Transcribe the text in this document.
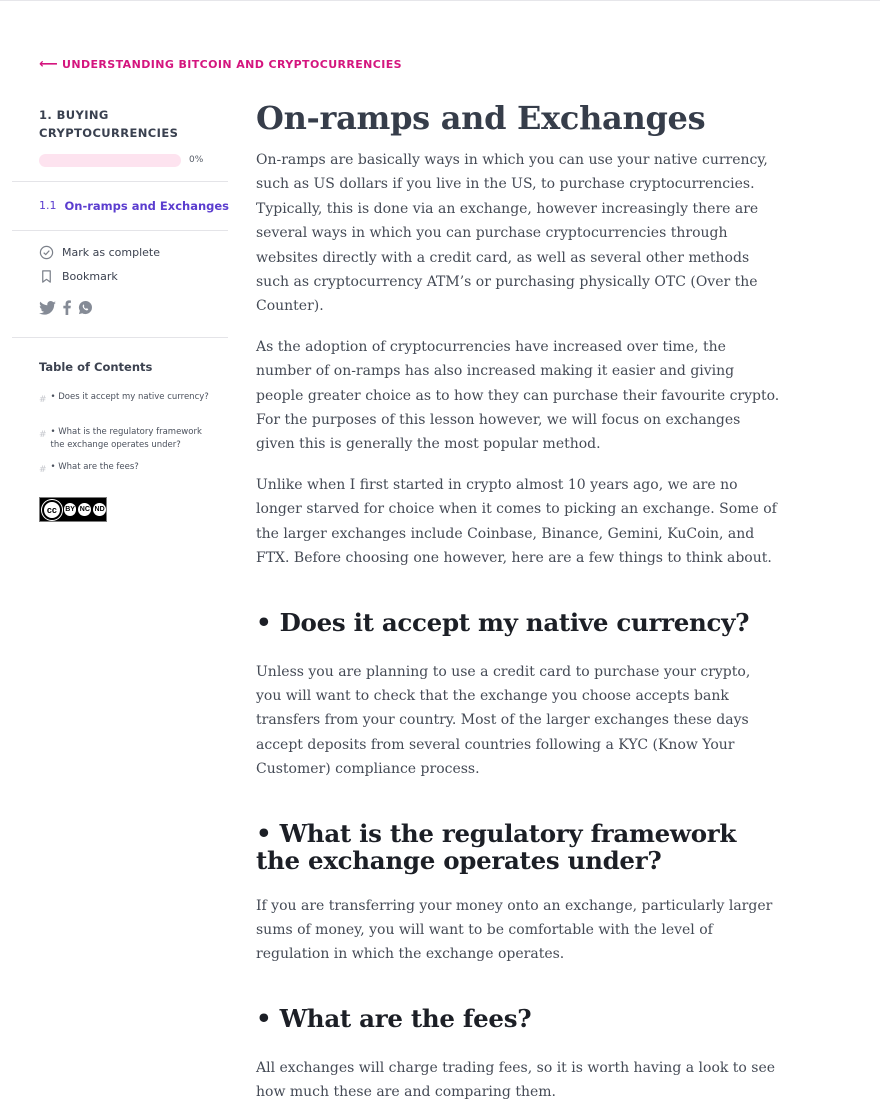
⟵ UNDERSTANDING BITCOIN AND CRYPTOCURRENCIES
1. BUYING CRYPTOCURRENCIES
0%
1.1 On-ramps and Exchanges
Mark as complete
Bookmark
Table of Contents
# • Does it accept my native currency?
# • What is the regulatory framework the exchange operates under?
# • What are the fees?
cc	BY NC ND
On-ramps and Exchanges

On-ramps are basically ways in which you can use your native currency, such as US dollars if you live in the US, to purchase cryptocurrencies. Typically, this is done via an exchange, however increasingly there are several ways in which you can purchase cryptocurrencies through websites directly with a credit card, as well as several other methods such as cryptocurrency ATM’s or purchasing physically OTC (Over the Counter).

As the adoption of cryptocurrencies have increased over time, the number of on-ramps has also increased making it easier and giving people greater choice as to how they can purchase their favourite crypto. For the purposes of this lesson however, we will focus on exchanges given this is generally the most popular method.

Unlike when I first started in crypto almost 10 years ago, we are no longer starved for choice when it comes to picking an exchange. Some of the larger exchanges include Coinbase, Binance, Gemini, KuCoin, and FTX. Before choosing one however, here are a few things to think about.

• Does it accept my native currency?

Unless you are planning to use a credit card to purchase your crypto, you will want to check that the exchange you choose accepts bank transfers from your country. Most of the larger exchanges these days accept deposits from several countries following a KYC (Know Your Customer) compliance process.

• What is the regulatory framework the exchange operates under?

If you are transferring your money onto an exchange, particularly larger sums of money, you will want to be comfortable with the level of regulation in which the exchange operates.

• What are the fees?

All exchanges will charge trading fees, so it is worth having a look to see how much these are and comparing them.
